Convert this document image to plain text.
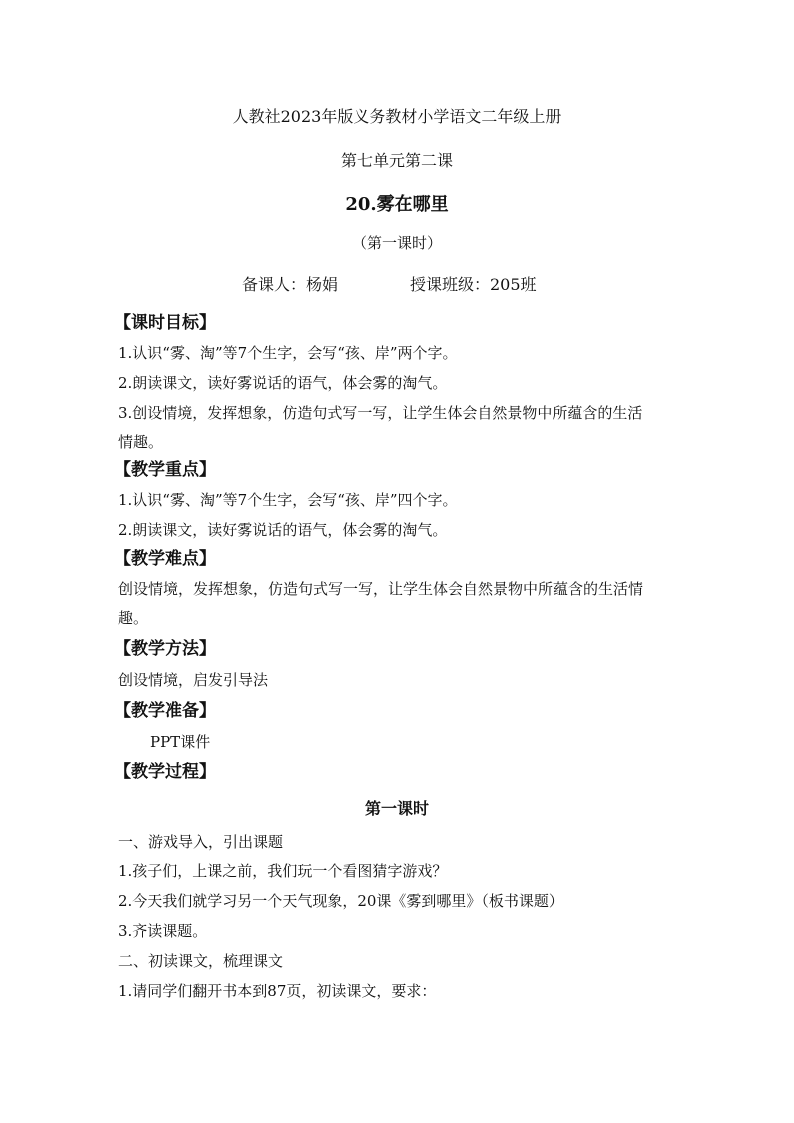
人教社2023年版义务教材小学语文二年级上册
第七单元第二课
20.雾在哪里
（第一课时）
备课人：杨娟	授课班级：205班
【课时目标】
1.认识“雾、淘”等7个生字，会写“孩、岸”两个字。
2.朗读课文，读好雾说话的语气，体会雾的淘气。
3.创设情境，发挥想象，仿造句式写一写，让学生体会自然景物中所蕴含的生活
情趣。
【教学重点】
1.认识“雾、淘”等7个生字，会写“孩、岸”四个字。
2.朗读课文，读好雾说话的语气，体会雾的淘气。
【教学难点】
创设情境，发挥想象，仿造句式写一写，让学生体会自然景物中所蕴含的生活情
趣。
【教学方法】
创设情境，启发引导法
【教学准备】
PPT课件
【教学过程】
第一课时
一、游戏导入，引出课题
1.孩子们，上课之前，我们玩一个看图猜字游戏？
2.今天我们就学习另一个天气现象，20课《雾到哪里》（板书课题）
3.齐读课题。
二、初读课文，梳理课文
1.请同学们翻开书本到87页，初读课文，要求：
